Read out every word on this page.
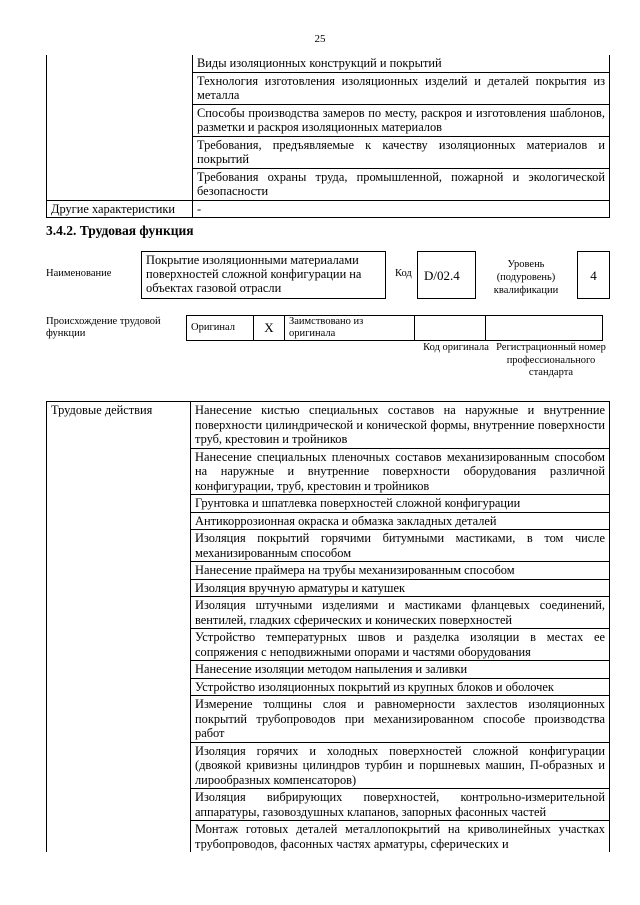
25
	Виды изоляционных конструкций и покрытий
	Технология изготовления изоляционных изделий и деталей покрытия из металла
	Способы производства замеров по месту, раскроя и изготовления шаблонов, разметки и раскроя изоляционных материалов
	Требования, предъявляемые к качеству изоляционных материалов и покрытий
	Требования охраны труда, промышленной, пожарной и экологической безопасности
Другие характеристики	-
3.4.2. Трудовая функция
Наименование
Покрытие изоляционными материалами поверхностей сложной конфигурации на объектах газовой отрасли
Код D/02.4
Уровень (подуровень) квалификации
4
Происхождение трудовой функции
Оригинал	X	Заимствовано из оригинала		
Код оригинала Регистрационный номер профессионального стандарта
Трудовые действия	Нанесение кистью специальных составов на наружные и внутренние поверхности цилиндрической и конической формы, внутренние поверхности труб, крестовин и тройников
Нанесение специальных пленочных составов механизированным способом на наружные и внутренние поверхности оборудования различной конфигурации, труб, крестовин и тройников
Грунтовка и шпатлевка поверхностей сложной конфигурации
Антикоррозионная окраска и обмазка закладных деталей
Изоляция покрытий горячими битумными мастиками, в том числе механизированным способом
Нанесение праймера на трубы механизированным способом
Изоляция вручную арматуры и катушек
Изоляция штучными изделиями и мастиками фланцевых соединений, вентилей, гладких сферических и конических поверхностей
Устройство температурных швов и разделка изоляции в местах ее сопряжения с неподвижными опорами и частями оборудования
Нанесение изоляции методом напыления и заливки
Устройство изоляционных покрытий из крупных блоков и оболочек
Измерение толщины слоя и равномерности захлестов изоляционных покрытий трубопроводов при механизированном способе производства работ
Изоляция горячих и холодных поверхностей сложной конфигурации (двоякой кривизны цилиндров турбин и поршневых машин, П-образных и лирообразных компенсаторов)
Изоляция вибрирующих поверхностей, контрольно-измерительной аппаратуры, газовоздушных клапанов, запорных фасонных частей
Монтаж готовых деталей металлопокрытий на криволинейных участках трубопроводов, фасонных частях арматуры, сферических и
